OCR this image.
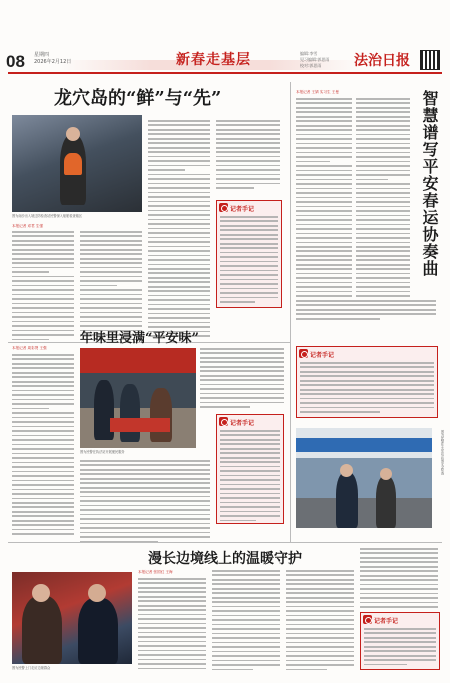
08 星期四
2026年2月12日	新春走基层	编辑:李雪
见习编辑:郭思雨
校对:郭思雨	法治日报
龙穴岛的“鲜”与“先”
图为南沙出入境边防检查站民警深入船舶检查辖区
本报记者 邓君 生强
记者手记	智慧谱写平安春运协奏曲
本报记者 王婧 实习生 王曼
记者手记
图为民警在火车站开展安全检查
年味里浸满“平安味”
本报记者 周彩贤 王强
图为民警在执法站开展便民服务
记者手记
漫长边境线上的温暖守护
图为民警上门走访边境群众
本报记者 张国红 王海
记者手记
